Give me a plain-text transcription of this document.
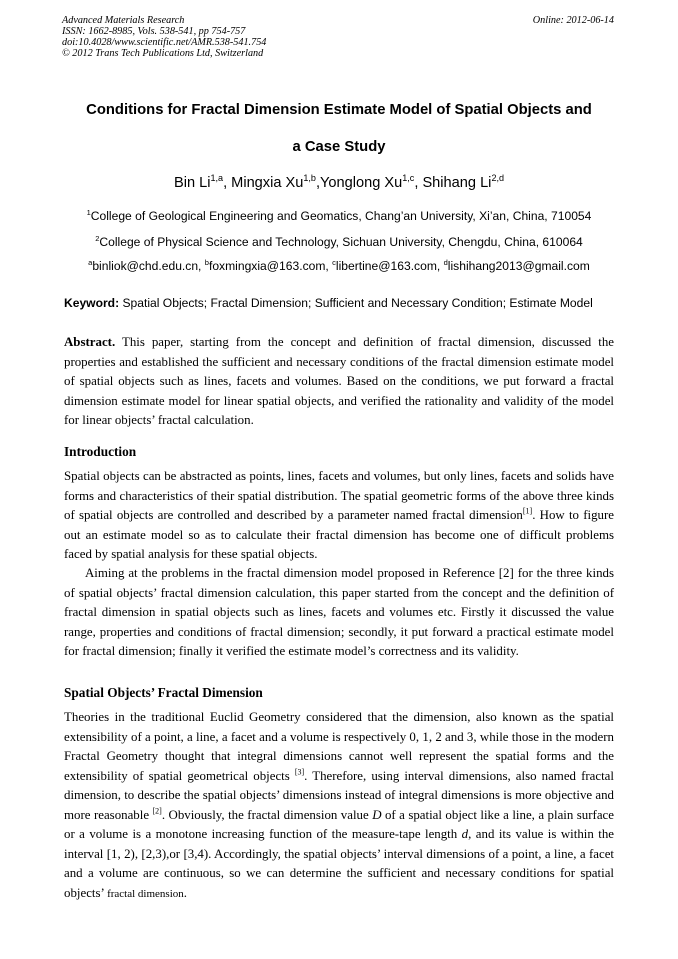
Advanced Materials Research
ISSN: 1662-8985, Vols. 538-541, pp 754-757
doi:10.4028/www.scientific.net/AMR.538-541.754
© 2012 Trans Tech Publications Ltd, Switzerland
Online: 2012-06-14
Conditions for Fractal Dimension Estimate Model of Spatial Objects and
a Case Study
Bin Li$^{1,a}$, Mingxia Xu$^{1,b}$,Yonglong Xu$^{1,c}$, Shihang Li$^{2,d}$
$^1$College of Geological Engineering and Geomatics, Chang’an University, Xi’an, China, 710054
$^2$College of Physical Science and Technology, Sichuan University, Chengdu, China, 610064
$^a$binliok@chd.edu.cn, $^b$foxmingxia@163.com, $^c$libertine@163.com, $^d$lishihang2013@gmail.com
Keyword: Spatial Objects; Fractal Dimension; Sufficient and Necessary Condition; Estimate Model
Abstract. This paper, starting from the concept and definition of fractal dimension, discussed the properties and established the sufficient and necessary conditions of the fractal dimension estimate model of spatial objects such as lines, facets and volumes. Based on the conditions, we put forward a fractal dimension estimate model for linear spatial objects, and verified the rationality and validity of the model for linear objects’ fractal calculation.
Introduction
Spatial objects can be abstracted as points, lines, facets and volumes, but only lines, facets and solids have forms and characteristics of their spatial distribution. The spatial geometric forms of the above three kinds of spatial objects are controlled and described by a parameter named fractal dimension[1]. How to figure out an estimate model so as to calculate their fractal dimension has become one of difficult problems faced by spatial analysis for these spatial objects.
Aiming at the problems in the fractal dimension model proposed in Reference [2] for the three kinds of spatial objects’ fractal dimension calculation, this paper started from the concept and the definition of fractal dimension in spatial objects such as lines, facets and volumes etc. Firstly it discussed the value range, properties and conditions of fractal dimension; secondly, it put forward a practical estimate model for fractal dimension; finally it verified the estimate model’s correctness and its validity.
Spatial Objects’ Fractal Dimension
Theories in the traditional Euclid Geometry considered that the dimension, also known as the spatial extensibility of a point, a line, a facet and a volume is respectively 0, 1, 2 and 3, while those in the modern Fractal Geometry thought that integral dimensions cannot well represent the spatial forms and the extensibility of spatial geometrical objects [3]. Therefore, using interval dimensions, also named fractal dimension, to describe the spatial objects’ dimensions instead of integral dimensions is more objective and more reasonable [2]. Obviously, the fractal dimension value D of a spatial object like a line, a plain surface or a volume is a monotone increasing function of the measure-tape length d, and its value is within the interval [1, 2), [2,3),or [3,4). Accordingly, the spatial objects’ interval dimensions of a point, a line, a facet and a volume are continuous, so we can determine the sufficient and necessary conditions for spatial objects’ fractal dimension.
